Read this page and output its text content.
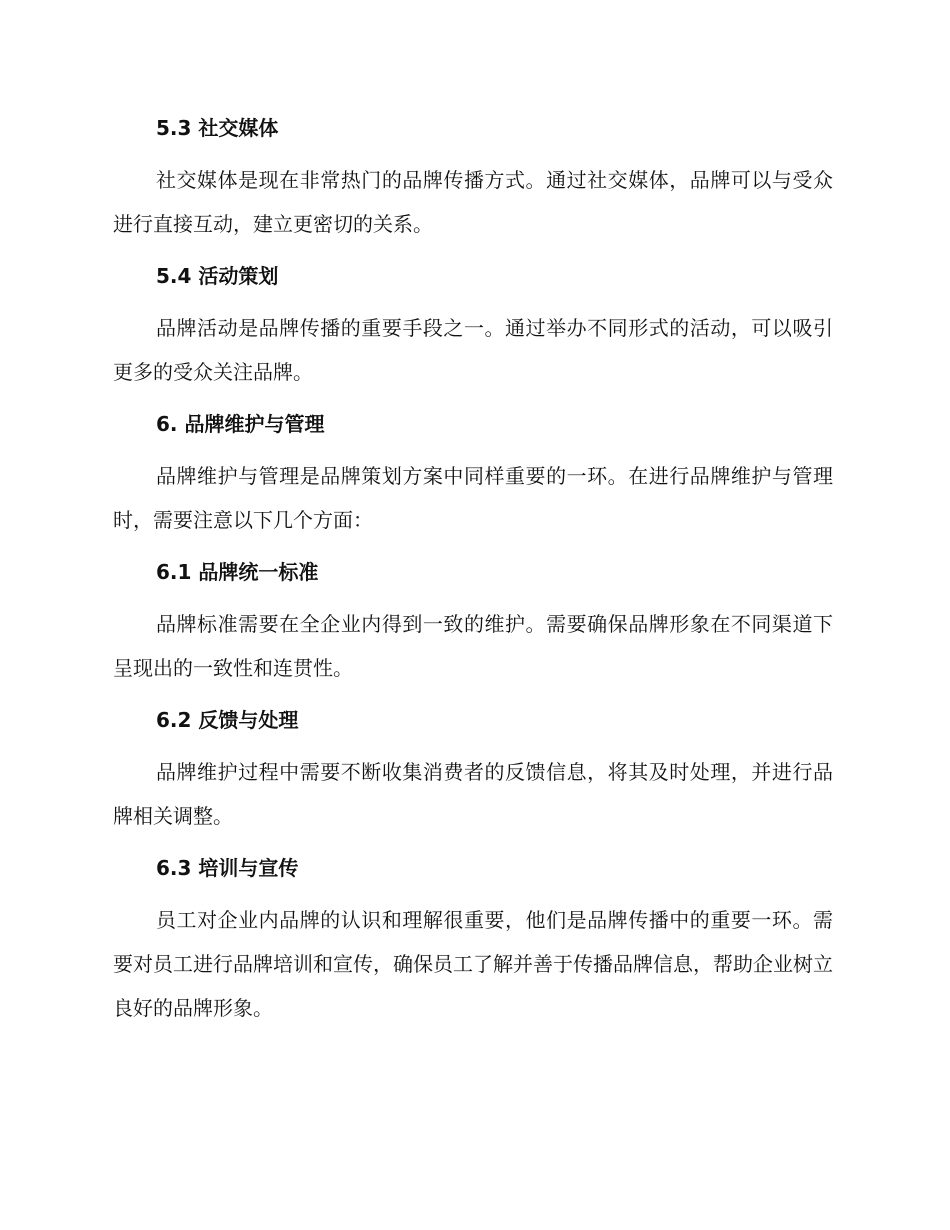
5.3 社交媒体

社交媒体是现在非常热门的品牌传播方式。通过社交媒体，品牌可以与受众进行直接互动，建立更密切的关系。

5.4 活动策划

品牌活动是品牌传播的重要手段之一。通过举办不同形式的活动，可以吸引更多的受众关注品牌。

6. 品牌维护与管理

品牌维护与管理是品牌策划方案中同样重要的一环。在进行品牌维护与管理时，需要注意以下几个方面：

6.1 品牌统一标准

品牌标准需要在全企业内得到一致的维护。需要确保品牌形象在不同渠道下呈现出的一致性和连贯性。

6.2 反馈与处理

品牌维护过程中需要不断收集消费者的反馈信息，将其及时处理，并进行品牌相关调整。

6.3 培训与宣传

员工对企业内品牌的认识和理解很重要，他们是品牌传播中的重要一环。需要对员工进行品牌培训和宣传，确保员工了解并善于传播品牌信息，帮助企业树立良好的品牌形象。
